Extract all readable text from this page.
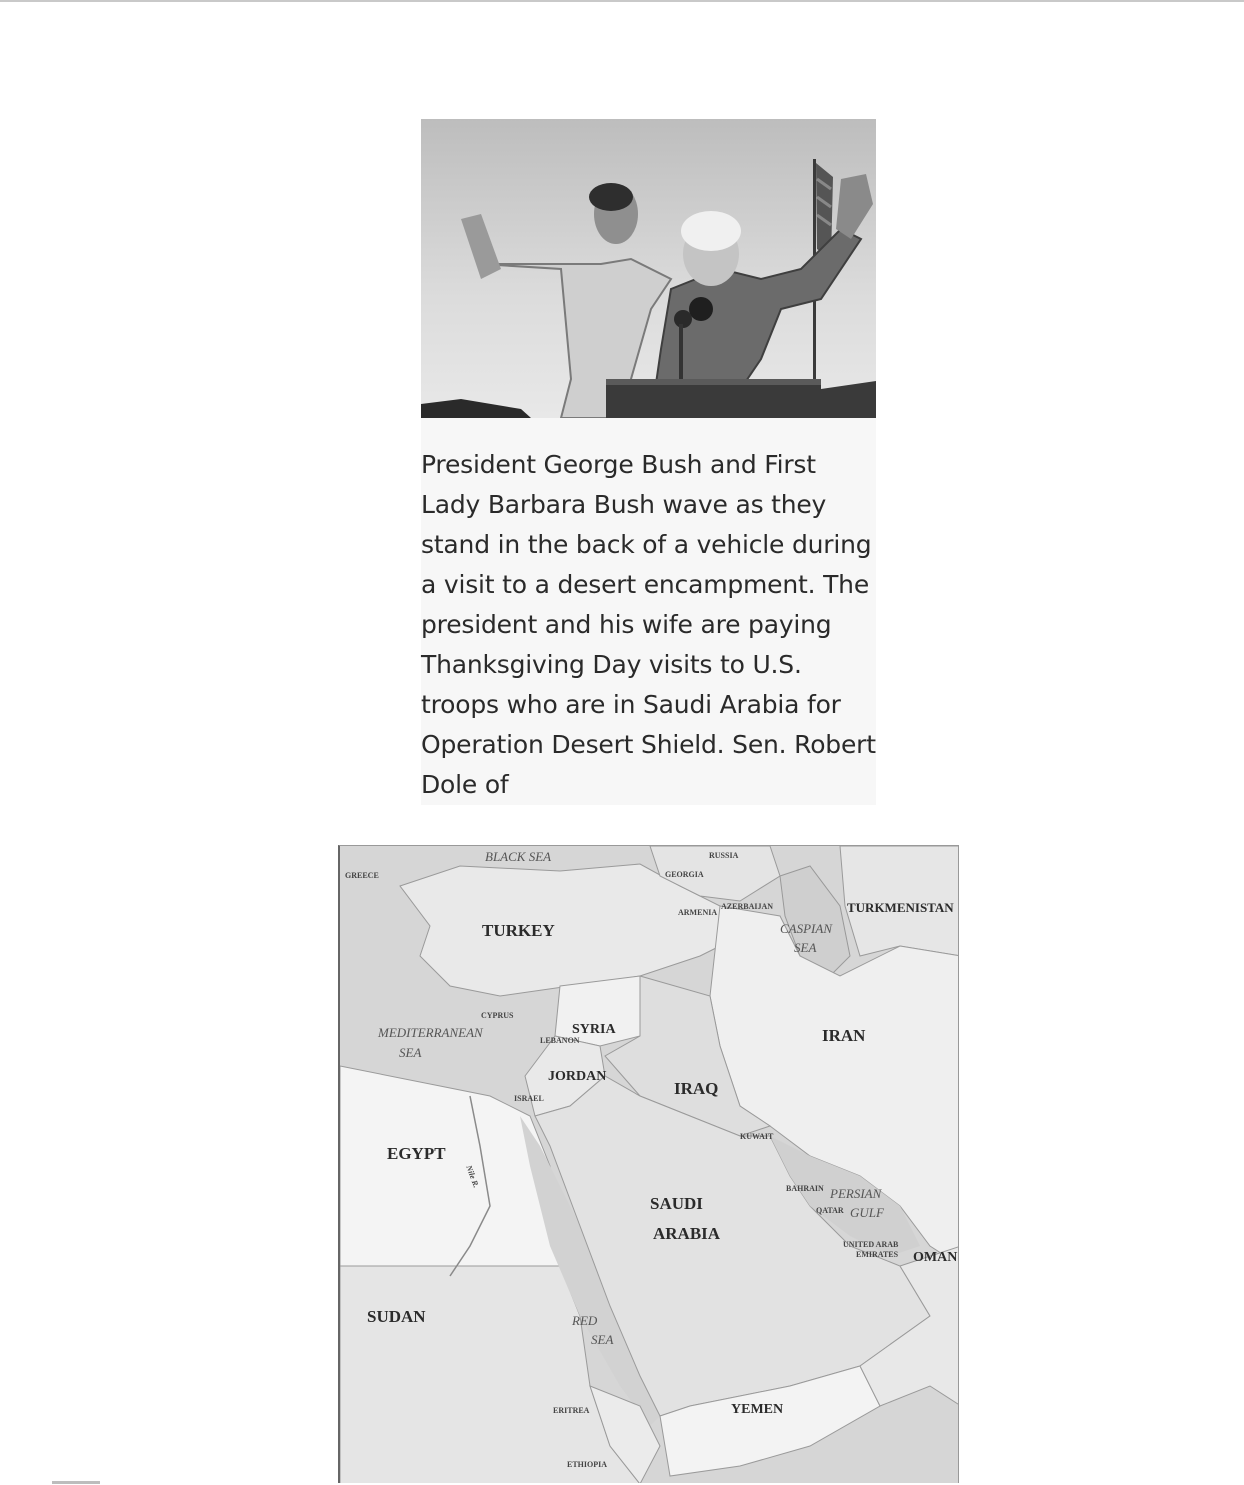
President George Bush and First Lady Barbara Bush wave as they stand in the back of a vehicle during a visit to a desert encampment. The president and his wife are paying Thanksgiving Day visits to U.S. troops who are in Saudi Arabia for Operation Desert Shield. Sen. Robert Dole of

TURKEY
SYRIA	IRAN
IRAQ
JORDAN
EGYPT
SAUDI
ARABIA
SUDAN
YEMEN
OMAN
TURKMENISTAN
RUSSIA
GEORGIA
GREECE
ARMENIA
AZERBAIJAN
CYPRUS
LEBANON
ISRAEL
KUWAIT
BAHRAIN
QATAR
UNITED ARAB
EMIRATES
ERITREA
ETHIOPIA
Nile R.
BLACK SEA
CASPIAN
SEA
MEDITERRANEAN
SEA
PERSIAN
GULF
RED
SEA
